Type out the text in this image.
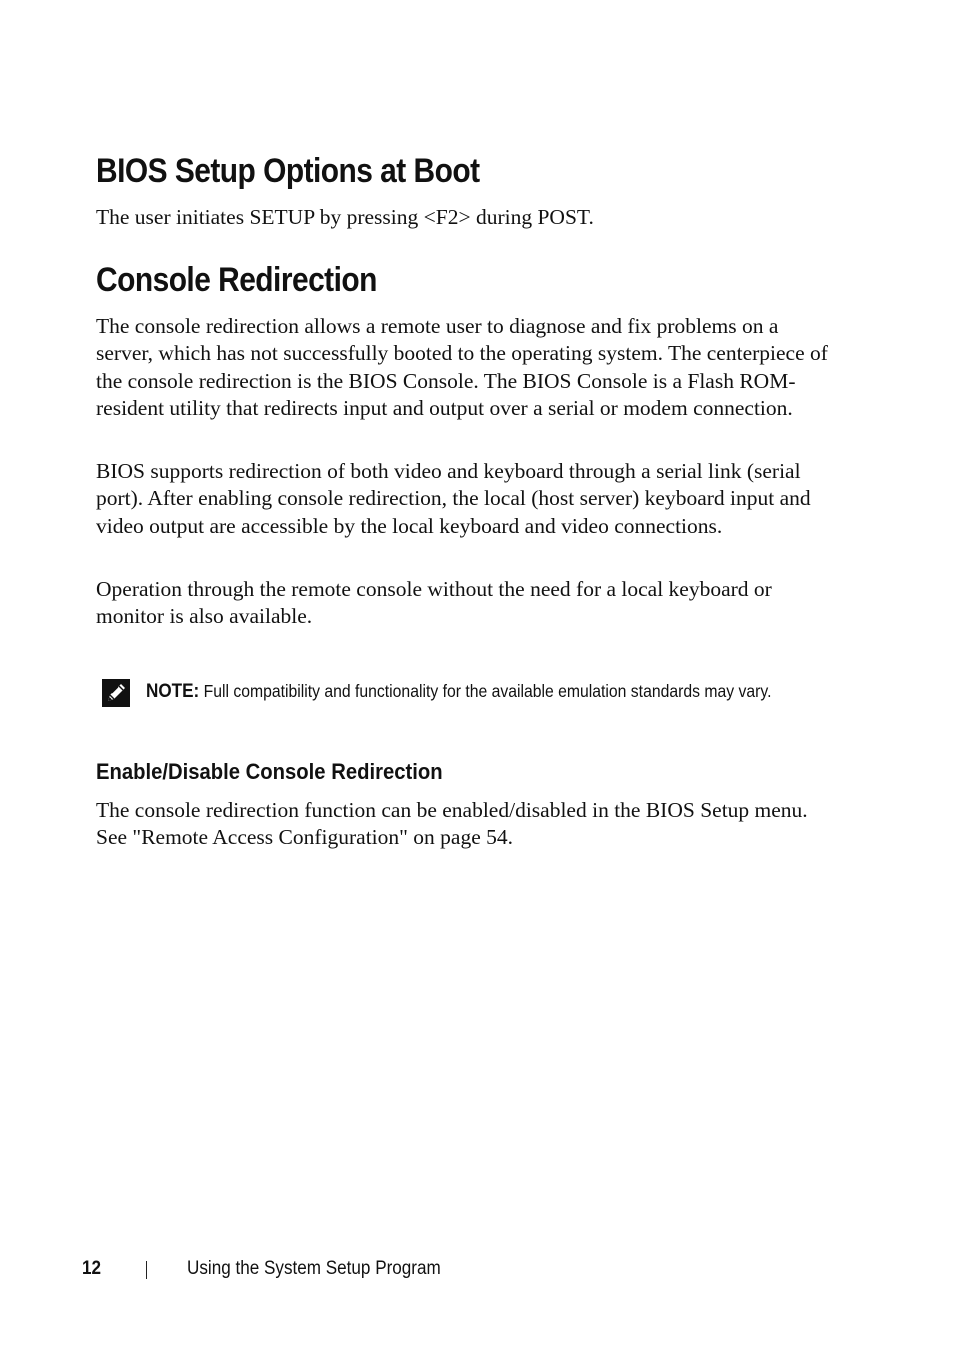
BIOS Setup Options at Boot

The user initiates SETUP by pressing <F2> during POST.

Console Redirection

The console redirection allows a remote user to diagnose and fix problems on a server, which has not successfully booted to the operating system. The centerpiece of the console redirection is the BIOS Console. The BIOS Console is a Flash ROM-resident utility that redirects input and output over a serial or modem connection.

BIOS supports redirection of both video and keyboard through a serial link (serial port). After enabling console redirection, the local (host server) keyboard input and video output are accessible by the local keyboard and video connections.

Operation through the remote console without the need for a local keyboard or monitor is also available.

NOTE: Full compatibility and functionality for the available emulation standards may vary.
Enable/Disable Console Redirection

The console redirection function can be enabled/disabled in the BIOS Setup menu. See "Remote Access Configuration" on page 54.

12	Using the System Setup Program
